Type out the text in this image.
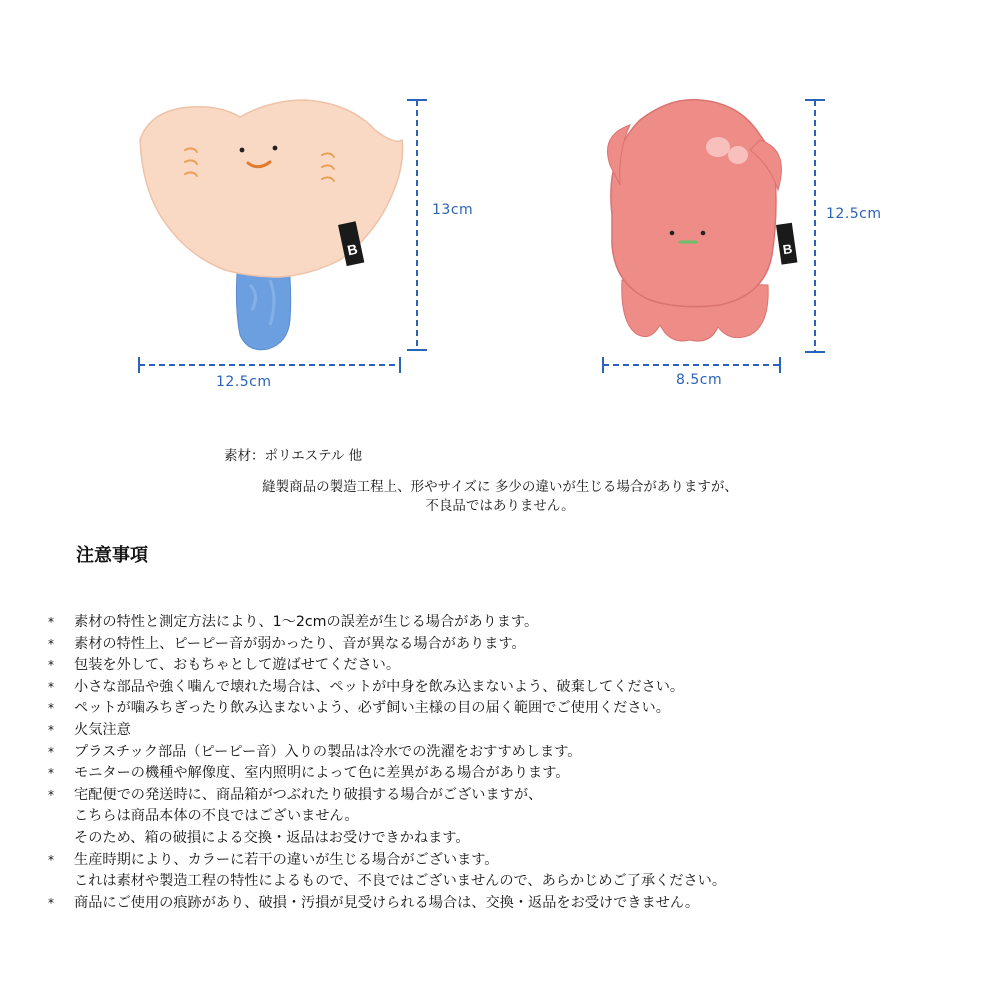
B
13cm
12.5cm
B
12.5cm
8.5cm
素材：ポリエステル 他
縫製商品の製造工程上、形やサイズに 多少の違いが生じる場合がありますが、
不良品ではありません。
注意事項
* 素材の特性と測定方法により、1～2cmの誤差が生じる場合があります。
* 素材の特性上、ピーピー音が弱かったり、音が異なる場合があります。
* 包装を外して、おもちゃとして遊ばせてください。
* 小さな部品や強く噛んで壊れた場合は、ペットが中身を飲み込まないよう、破棄してください。
* ペットが噛みちぎったり飲み込まないよう、必ず飼い主様の目の届く範囲でご使用ください。
* 火気注意
* プラスチック部品（ピーピー音）入りの製品は冷水での洗濯をおすすめします。
* モニターの機種や解像度、室内照明によって色に差異がある場合があります。
* 宅配便での発送時に、商品箱がつぶれたり破損する場合がございますが、
こちらは商品本体の不良ではございません。
そのため、箱の破損による交換・返品はお受けできかねます。
* 生産時期により、カラーに若干の違いが生じる場合がございます。
これは素材や製造工程の特性によるもので、不良ではございませんので、あらかじめご了承ください。
* 商品にご使用の痕跡があり、破損・汚損が見受けられる場合は、交換・返品をお受けできません。
